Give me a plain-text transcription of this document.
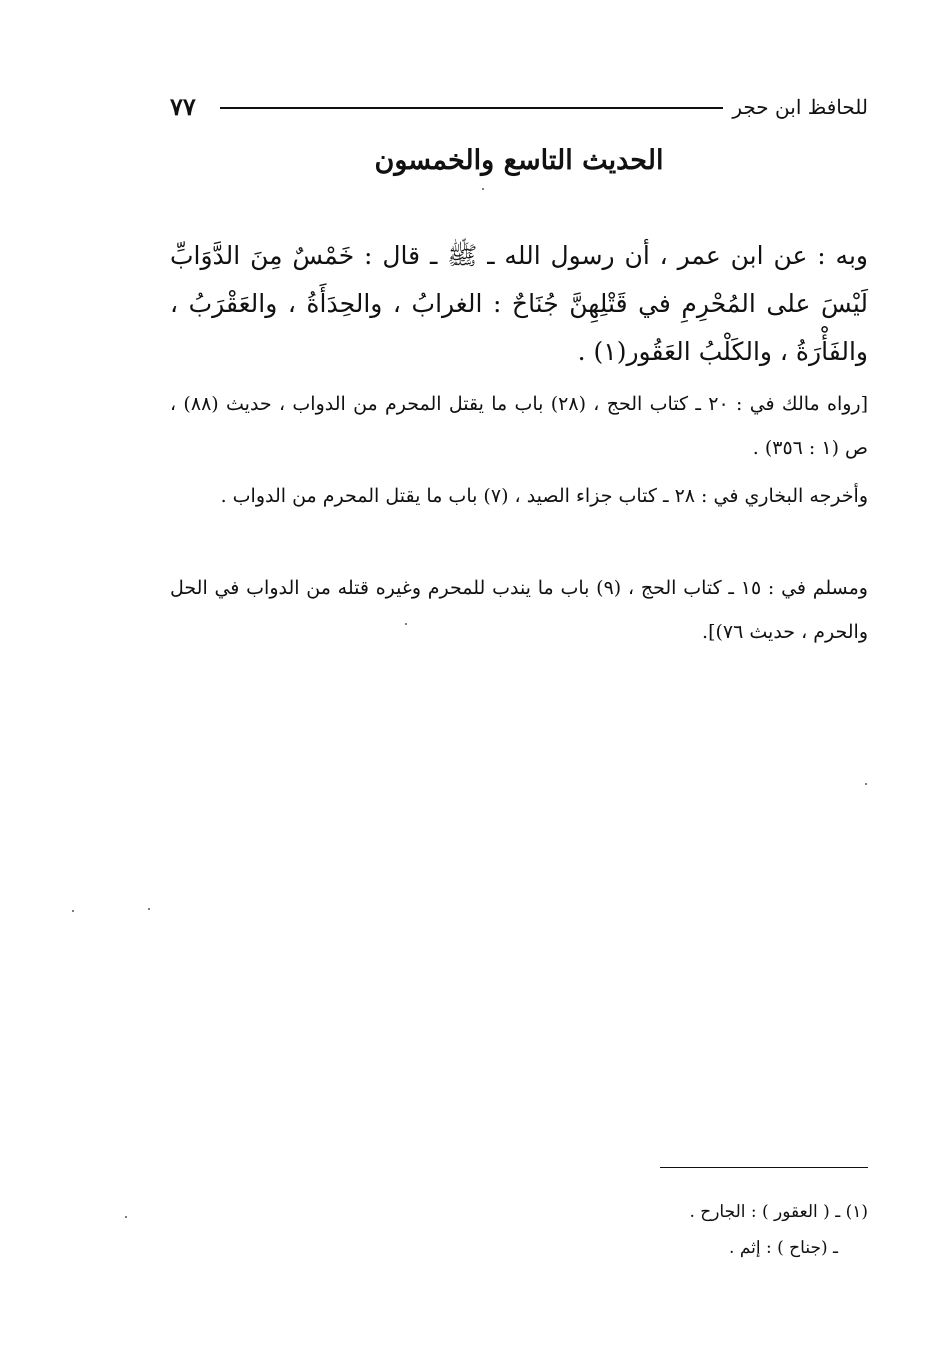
٧٧	للحافظ ابن حجر
الحديث التاسع والخمسون
وبه : عن ابن عمر ، أن رسول الله ـ ﷺ ـ قال : خَمْسٌ مِنَ الدَّوَابِّ لَيْسَ على المُحْرِمِ في قَتْلِهِنَّ جُنَاحٌ : الغرابُ ، والحِدَأَةُ ، والعَقْرَبُ ، والفَأْرَةُ ، والكَلْبُ العَقُور(١) .
[رواه مالك في : ٢٠ ـ كتاب الحج ، (٢٨) باب ما يقتل المحرم من الدواب ، حديث (٨٨) ، ص (١ : ٣٥٦) .
وأخرجه البخاري في : ٢٨ ـ كتاب جزاء الصيد ، (٧) باب ما يقتل المحرم من الدواب .
ومسلم في : ١٥ ـ كتاب الحج ، (٩) باب ما يندب للمحرم وغيره قتله من الدواب في الحل والحرم ، حديث ٧٦)].
(١) ـ ( العقور ) : الجارح .
ـ (جناح ) : إثم .
